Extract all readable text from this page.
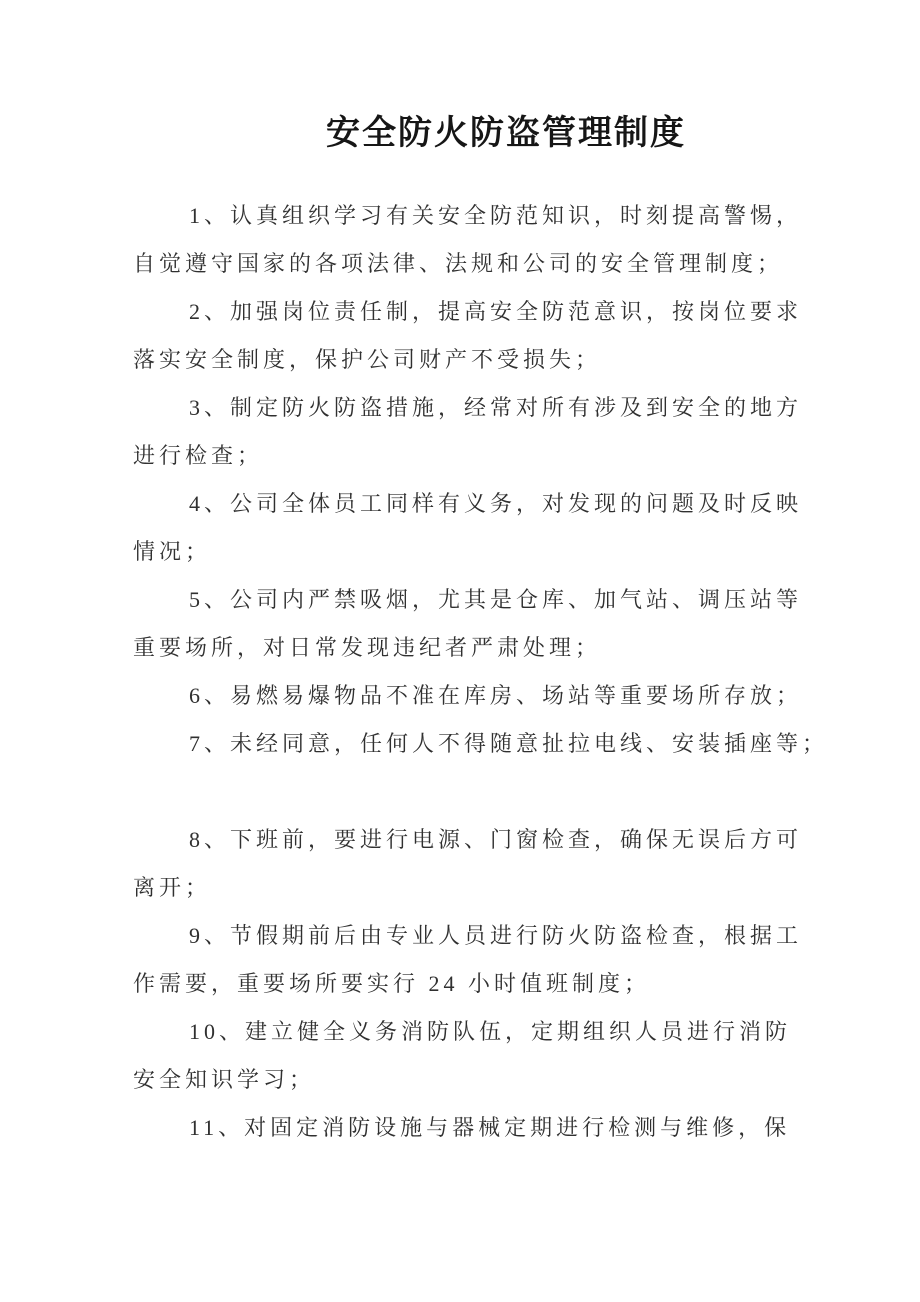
安全防火防盗管理制度
1、认真组织学习有关安全防范知识，时刻提高警惕，
自觉遵守国家的各项法律、法规和公司的安全管理制度；
2、加强岗位责任制，提高安全防范意识，按岗位要求
落实安全制度，保护公司财产不受损失；
3、制定防火防盗措施，经常对所有涉及到安全的地方
进行检查；
4、公司全体员工同样有义务，对发现的问题及时反映
情况；
5、公司内严禁吸烟，尤其是仓库、加气站、调压站等
重要场所，对日常发现违纪者严肃处理；
6、易燃易爆物品不准在库房、场站等重要场所存放；
7、未经同意，任何人不得随意扯拉电线、安装插座等；
8、下班前，要进行电源、门窗检查，确保无误后方可
离开；
9、节假期前后由专业人员进行防火防盗检查，根据工
作需要，重要场所要实行 24 小时值班制度；
10、建立健全义务消防队伍，定期组织人员进行消防
安全知识学习；
11、对固定消防设施与器械定期进行检测与维修，保
